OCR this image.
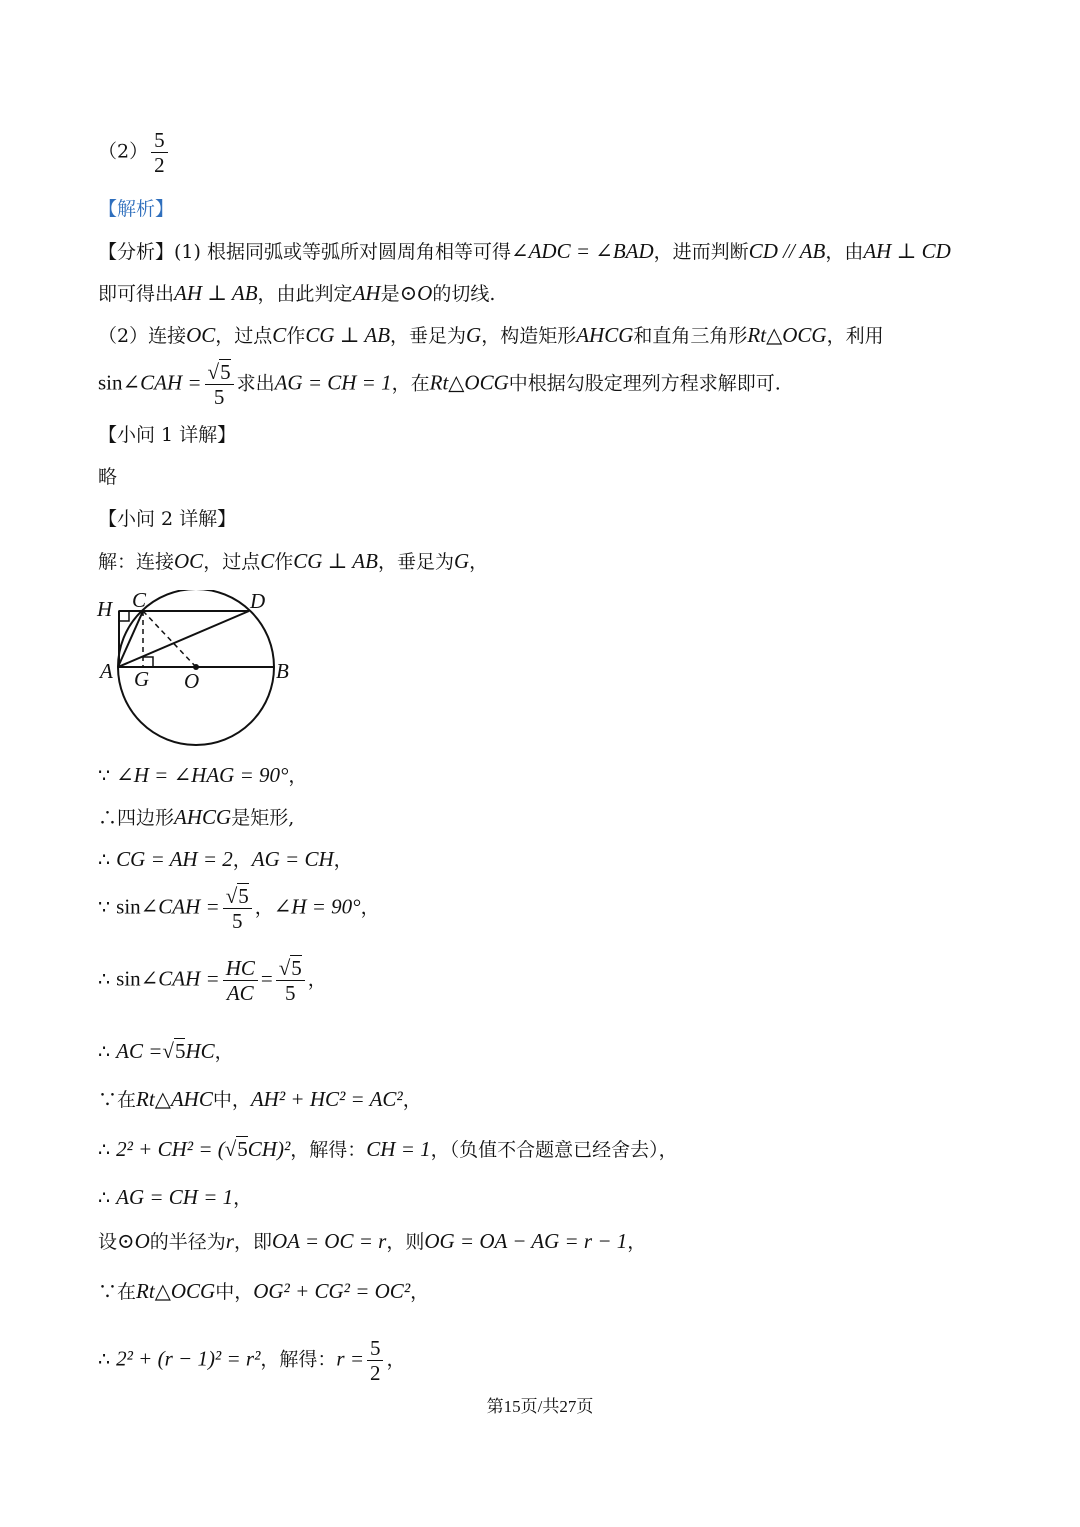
$(2) \frac{5}{2}$
【解析】
【分析】(1) 根据同弧或等弧所对圆周角相等可得∠ADC = ∠BAD，进而判断CD // AB，由AH ⊥ CD
即可得出AH ⊥ AB，由此判定AH是⊙O的切线.
（2）连接OC，过点C作CG ⊥ AB，垂足为G，构造矩形AHCG和直角三角形Rt△OCG，利用
sin∠CAH = $\frac{√5}{5}$ 求出AG = CH = 1，在Rt△OCG中根据勾股定理列方程求解即可.
【小问 1 详解】
略
【小问 2 详解】
解：连接OC，过点C作CG ⊥ AB，垂足为G，
H C	D
A G O	B
∵ ∠H = ∠HAG = 90°，
∴四边形AHCG是矩形,
∴ CG = AH = 2，AG = CH，
∵ sin∠CAH = $\frac{√5}{5}$ ，∠H = 90°，
∴ sin∠CAH = $\frac{HC}{AC} = \frac{√5}{5}$ ，
∴ AC =√5HC，
∵在Rt△AHC中，AH² + HC² = AC²，
∴ 2² + CH² = (√5CH)²，解得：CH = 1，（负值不合题意已经舍去），
∴ AG = CH = 1，
设⊙O的半径为r，即OA = OC = r，则OG = OA − AG = r − 1，
∵在Rt△OCG中，OG² + CG² = OC²，
∴ 2² + (r − 1)² = r²，解得：$r = \frac{5}{2}$ ，
第15页/共27页
